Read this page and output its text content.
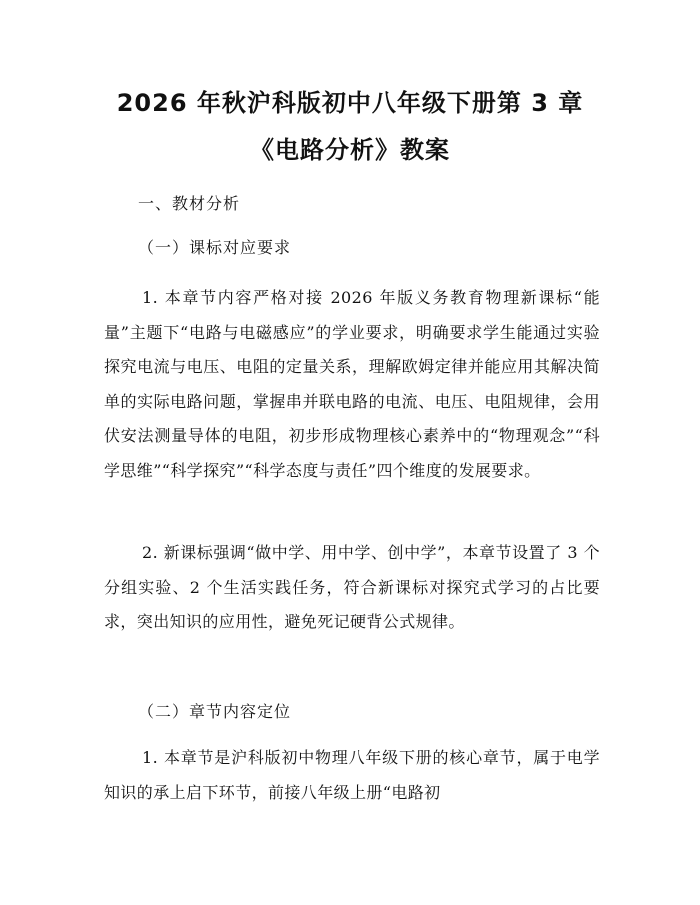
2026 年秋沪科版初中八年级下册第 3 章《电路分析》教案
一、教材分析
（一）课标对应要求
1. 本章节内容严格对接 2026 年版义务教育物理新课标“能量”主题下“电路与电磁感应”的学业要求，明确要求学生能通过实验探究电流与电压、电阻的定量关系，理解欧姆定律并能应用其解决简单的实际电路问题，掌握串并联电路的电流、电压、电阻规律，会用伏安法测量导体的电阻，初步形成物理核心素养中的“物理观念”“科学思维”“科学探究”“科学态度与责任”四个维度的发展要求。
2. 新课标强调“做中学、用中学、创中学”，本章节设置了 3 个分组实验、2 个生活实践任务，符合新课标对探究式学习的占比要求，突出知识的应用性，避免死记硬背公式规律。
（二）章节内容定位
1. 本章节是沪科版初中物理八年级下册的核心章节，属于电学知识的承上启下环节，前接八年级上册“电路初
